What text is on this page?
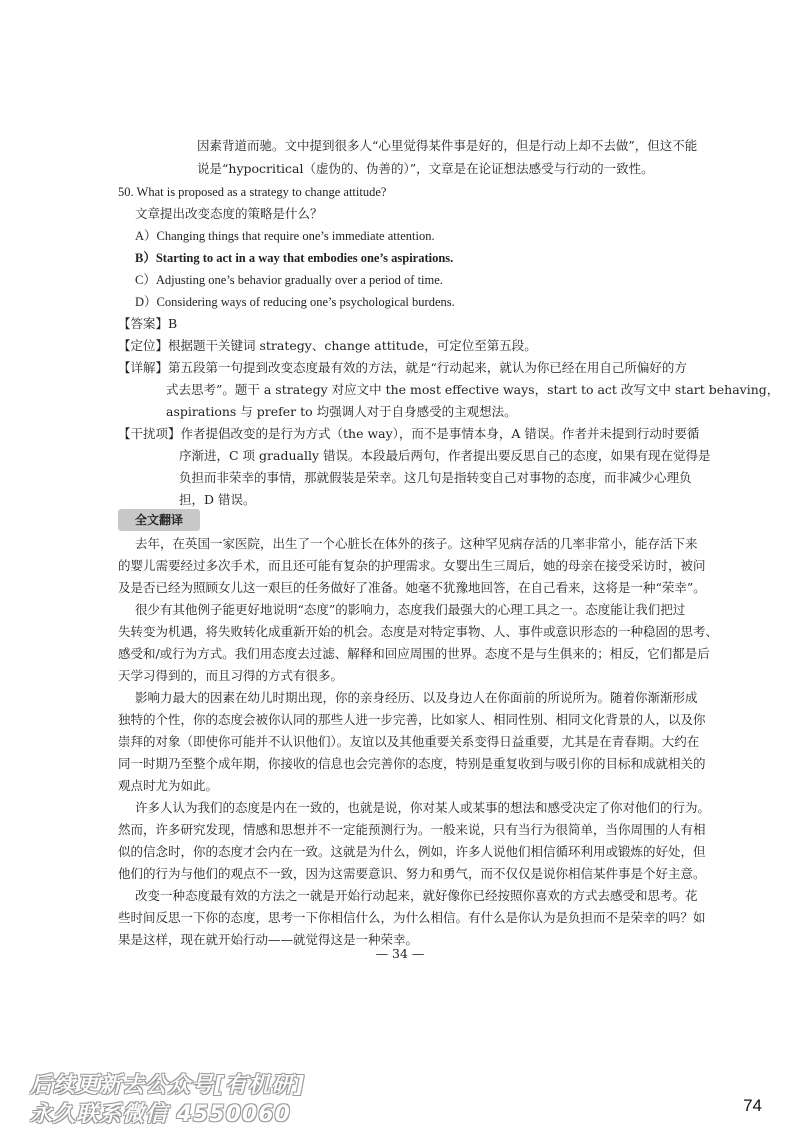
因素背道而驰。文中提到很多人“心里觉得某件事是好的，但是行动上却不去做”，但这不能
说是“hypocritical（虚伪的、伪善的）”，文章是在论证想法感受与行动的一致性。
50. What is proposed as a strategy to change attitude?
文章提出改变态度的策略是什么？
A）Changing things that require one’s immediate attention.
B）Starting to act in a way that embodies one’s aspirations.
C）Adjusting one’s behavior gradually over a period of time.
D）Considering ways of reducing one’s psychological burdens.
【答案】B
【定位】根据题干关键词 strategy、change attitude，可定位至第五段。
【详解】第五段第一句提到改变态度最有效的方法，就是“行动起来，就认为你已经在用自己所偏好的方
式去思考”。题干 a strategy 对应文中 the most effective ways，start to act 改写文中 start behaving，
aspirations 与 prefer to 均强调人对于自身感受的主观想法。
【干扰项】作者提倡改变的是行为方式（the way），而不是事情本身，A 错误。作者并未提到行动时要循
序渐进，C 项 gradually 错误。本段最后两句，作者提出要反思自己的态度，如果有现在觉得是
负担而非荣幸的事情，那就假装是荣幸。这几句是指转变自己对事物的态度，而非减少心理负
担，D 错误。
全文翻译
去年，在英国一家医院，出生了一个心脏长在体外的孩子。这种罕见病存活的几率非常小，能存活下来
的婴儿需要经过多次手术，而且还可能有复杂的护理需求。女婴出生三周后，她的母亲在接受采访时，被问
及是否已经为照顾女儿这一艰巨的任务做好了准备。她毫不犹豫地回答，在自己看来，这将是一种“荣幸”。
很少有其他例子能更好地说明“态度”的影响力，态度我们最强大的心理工具之一。态度能让我们把过
失转变为机遇，将失败转化成重新开始的机会。态度是对特定事物、人、事件或意识形态的一种稳固的思考、
感受和/或行为方式。我们用态度去过滤、解释和回应周围的世界。态度不是与生俱来的；相反，它们都是后
天学习得到的，而且习得的方式有很多。
影响力最大的因素在幼儿时期出现，你的亲身经历、以及身边人在你面前的所说所为。随着你渐渐形成
独特的个性，你的态度会被你认同的那些人进一步完善，比如家人、相同性别、相同文化背景的人，以及你
崇拜的对象（即使你可能并不认识他们）。友谊以及其他重要关系变得日益重要，尤其是在青春期。大约在
同一时期乃至整个成年期，你接收的信息也会完善你的态度，特别是重复收到与吸引你的目标和成就相关的
观点时尤为如此。
许多人认为我们的态度是内在一致的，也就是说，你对某人或某事的想法和感受决定了你对他们的行为。
然而，许多研究发现，情感和思想并不一定能预测行为。一般来说，只有当行为很简单，当你周围的人有相
似的信念时，你的态度才会内在一致。这就是为什么，例如，许多人说他们相信循环利用或锻炼的好处，但
他们的行为与他们的观点不一致，因为这需要意识、努力和勇气，而不仅仅是说你相信某件事是个好主意。
改变一种态度最有效的方法之一就是开始行动起来，就好像你已经按照你喜欢的方式去感受和思考。花
些时间反思一下你的态度，思考一下你相信什么，为什么相信。有什么是你认为是负担而不是荣幸的吗？如
果是这样，现在就开始行动——就觉得这是一种荣幸。
— 34 —
后续更新去公众号[有机研]
永久联系微信 4550060	74
